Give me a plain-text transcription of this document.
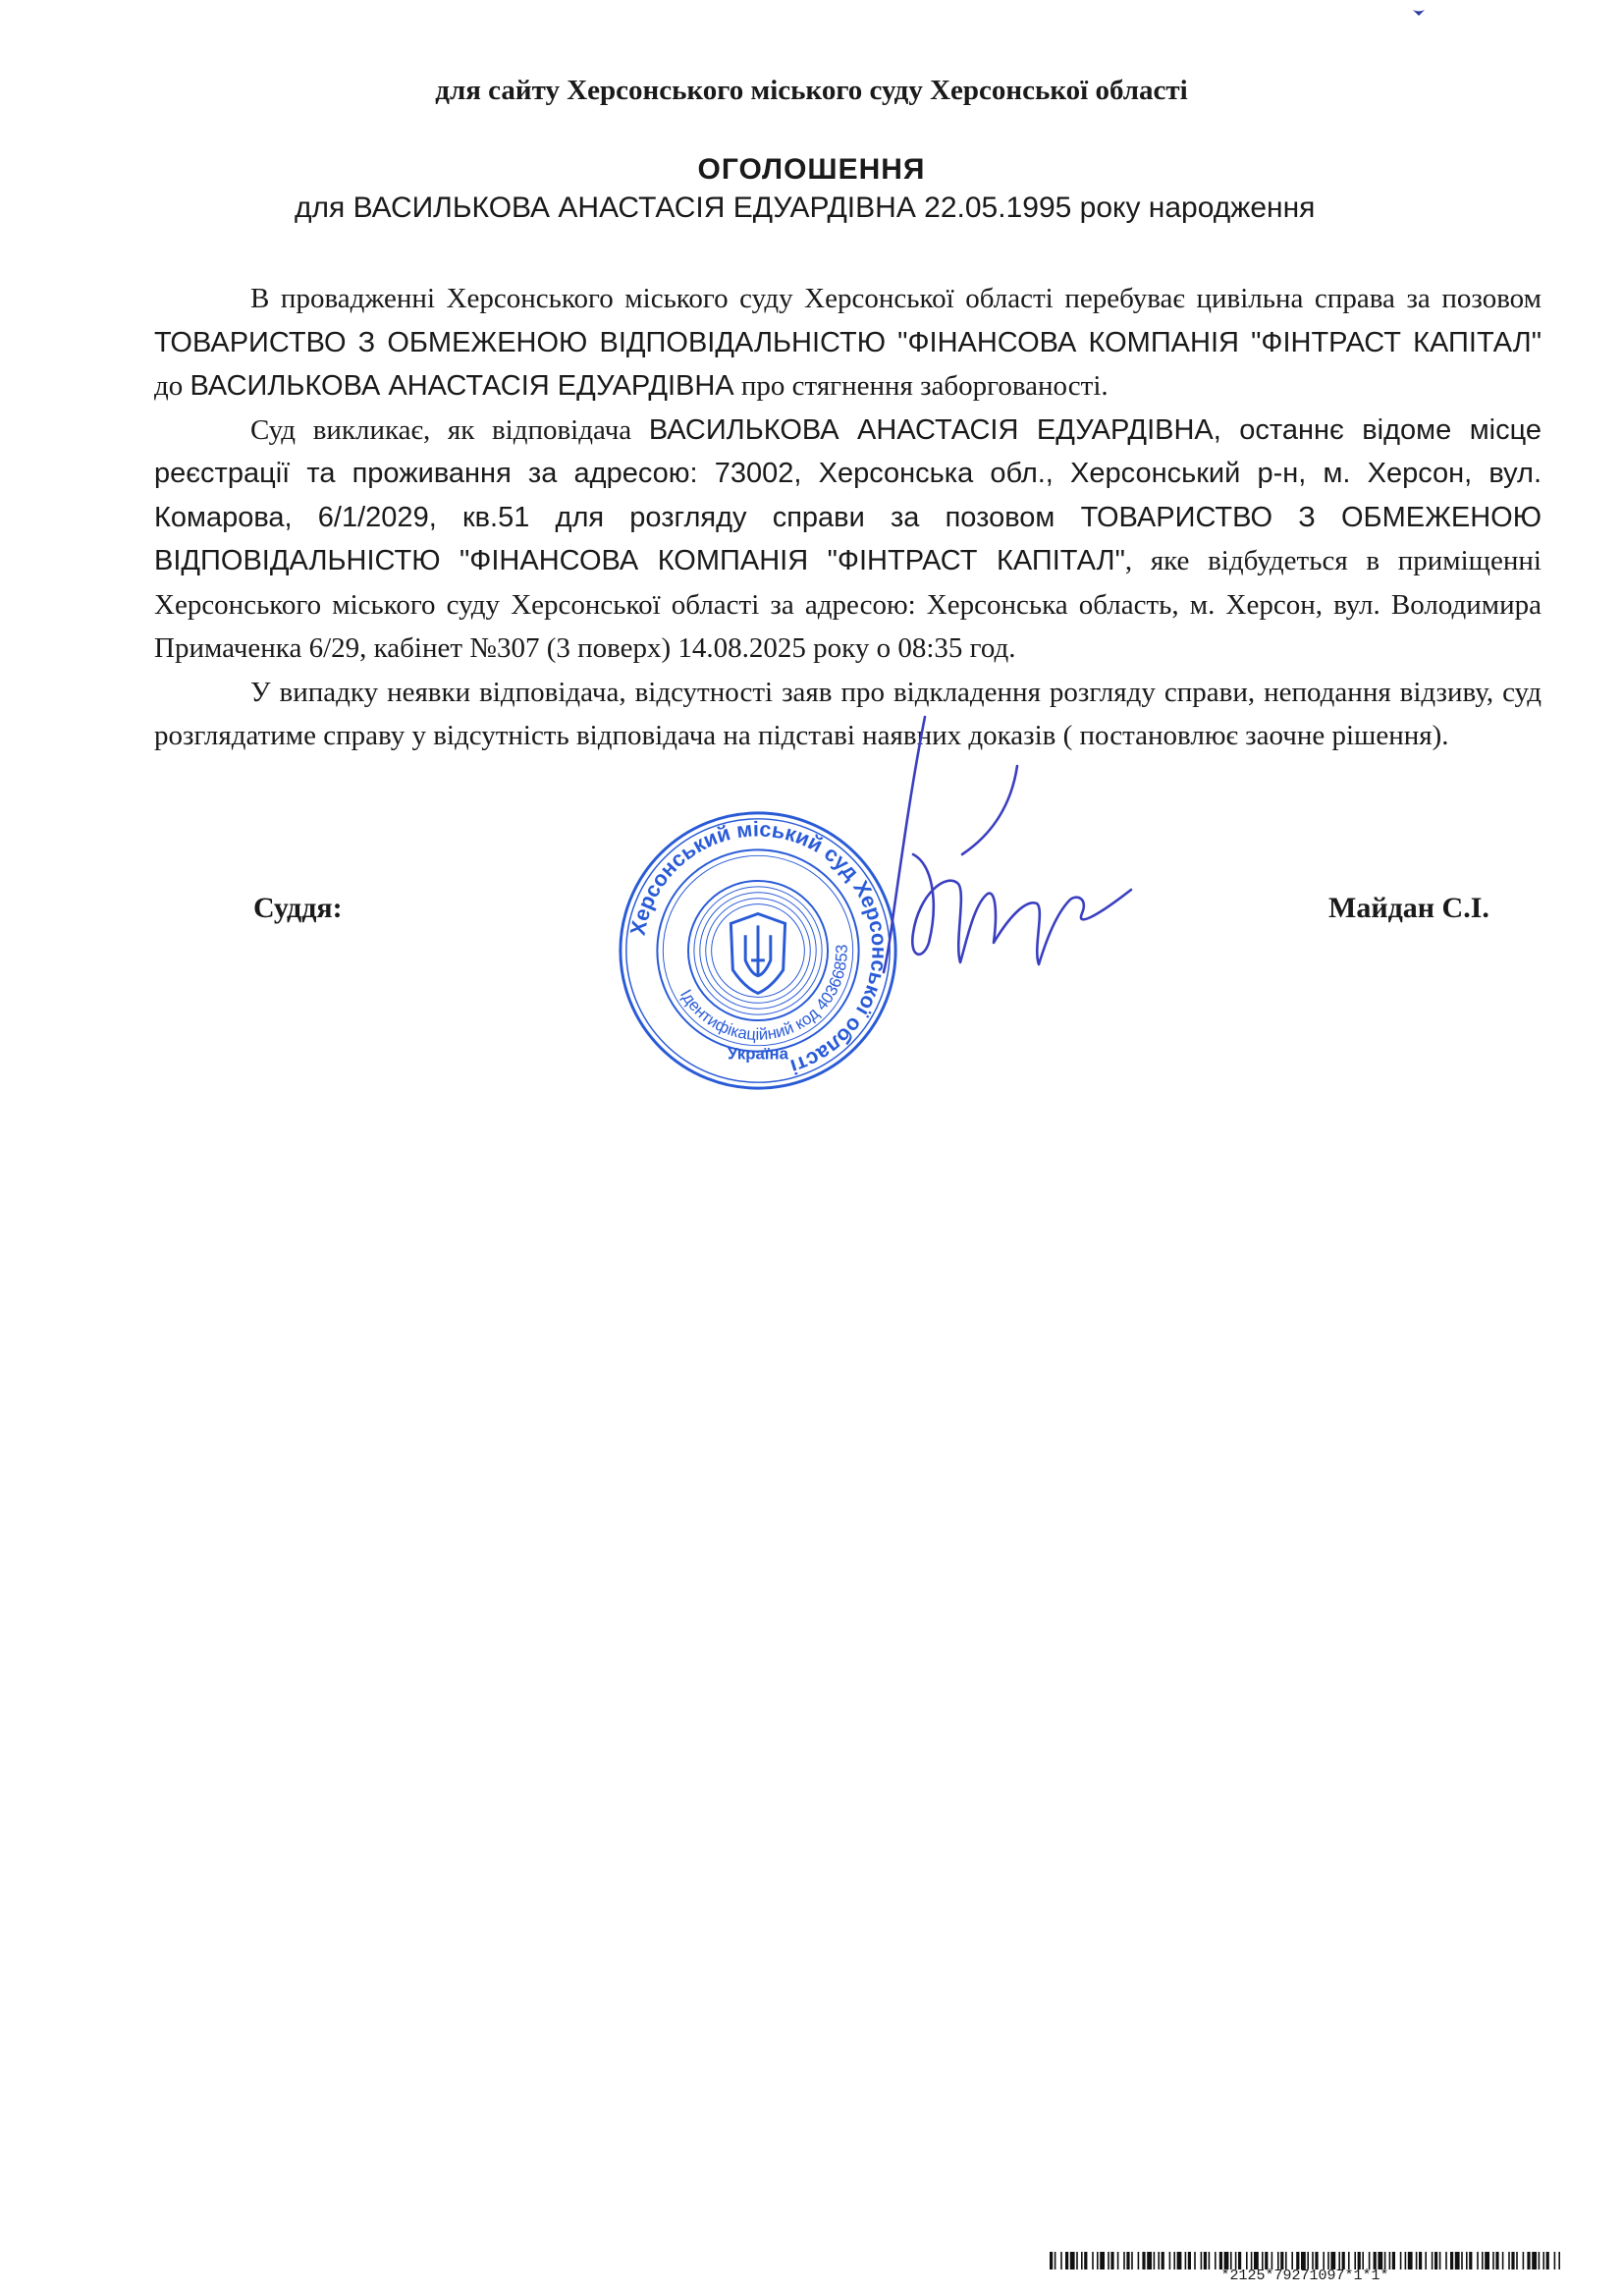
для сайту Херсонського міського суду Херсонської області
ОГОЛОШЕННЯ
для ВАСИЛЬКОВА АНАСТАСІЯ ЕДУАРДІВНА 22.05.1995 року народження

В провадженні Херсонського міського суду Херсонської області перебуває цивільна справа за позовом ТОВАРИСТВО З ОБМЕЖЕНОЮ ВІДПОВІДАЛЬНІСТЮ "ФІНАНСОВА КОМПАНІЯ "ФІНТРАСТ КАПІТАЛ" до ВАСИЛЬКОВА АНАСТАСІЯ ЕДУАРДІВНА про стягнення заборгованості.

Суд викликає, як відповідача ВАСИЛЬКОВА АНАСТАСІЯ ЕДУАРДІВНА, останнє відоме місце реєстрації та проживання за адресою: 73002, Херсонська обл., Херсонський р-н, м. Херсон, вул. Комарова, 6/1/2029, кв.51 для розгляду справи за позовом ТОВАРИСТВО З ОБМЕЖЕНОЮ ВІДПОВІДАЛЬНІСТЮ "ФІНАНСОВА КОМПАНІЯ "ФІНТРАСТ КАПІТАЛ", яке відбудеться в приміщенні Херсонського міського суду Херсонської області за адресою: Херсонська область, м. Херсон, вул. Володимира Примаченка 6/29, кабінет №307 (3 поверх) 14.08.2025 року о 08:35 год.

У випадку неявки відповідача, відсутності заяв про відкладення розгляду справи, неподання відзиву, суд розглядатиме справу у відсутність відповідача на підставі наявних доказів ( постановлює заочне рішення).

Суддя:	Майдан С.І.
Херсонський міський суд Херсонської області
Ідентифікаційний код 40366853
Україна
*2125*79271097*1*1*
